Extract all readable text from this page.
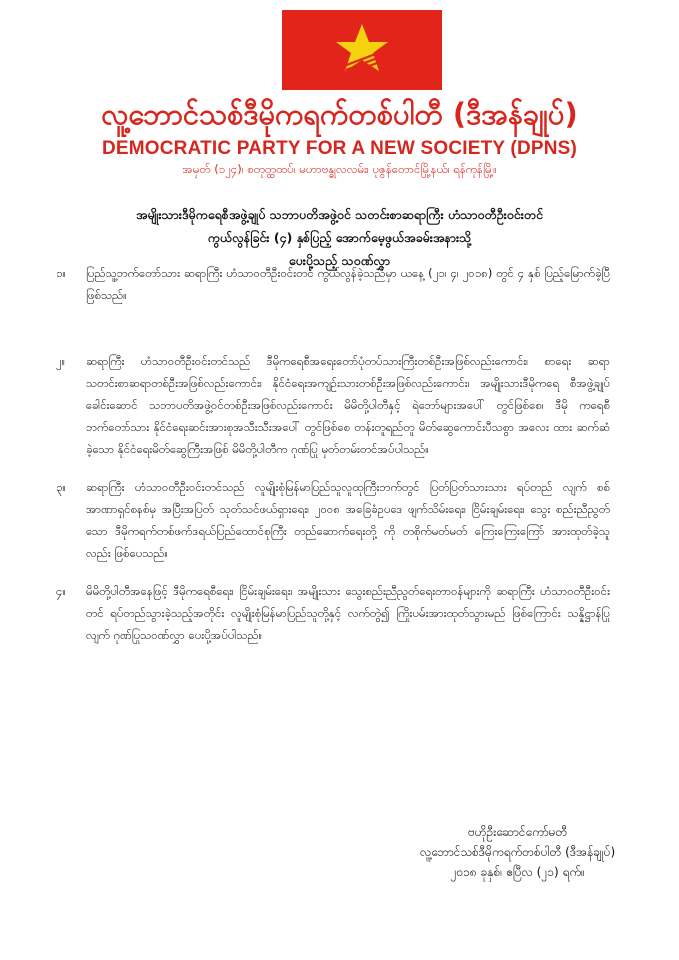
လူ့ဘောင်သစ်ဒီမိုကရက်တစ်ပါတီ (ဒီအန်ချုပ်)
DEMOCRATIC PARTY FOR A NEW SOCIETY (DPNS)
အမှတ် (၁၂၄)၊ စတုတ္ထထပ်၊ မဟာဗန္ဓုလလမ်း၊ ပုဇွန်တောင်မြို့နယ်၊ ရန်ကုန်မြို့။
အမျိုးသားဒီမိုကရေစီအဖွဲ့ချုပ် သဘာပတိအဖွဲ့ဝင် သတင်းစာဆရာကြီး ဟံသာဝတီဦးဝင်းတင်
ကွယ်လွန်ခြင်း (၄) နှစ်ပြည့် အောက်မေ့ဖွယ်အခမ်းအနားသို့
ပေးပို့သည့် သဝဏ်လွှာ
၁။ ပြည်သူ့ဘက်တော်သား ဆရာကြီး ဟံသာဝတီဦးဝင်းတင် ကွယ်လွန်ခဲ့သည်မှာ ယနေ့ (၂၁၊ ၄၊ ၂၀၁၈) တွင် ၄ နှစ် ပြည့်မြောက်ခဲ့ပြီ ဖြစ်သည်။
၂။ ဆရာကြီး ဟံသာဝတီဦးဝင်းတင်သည် ဒီမိုကရေစီအရေးတော်ပုံတပ်သားကြီးတစ်ဦးအဖြစ်လည်းကောင်း၊ စာရေး ဆရာ သတင်းစာဆရာတစ်ဦးအဖြစ်လည်းကောင်း၊ နိုင်ငံရေးအကျဉ်းသားတစ်ဦးအဖြစ်လည်းကောင်း၊ အမျိုးသားဒီမိုကရေ စီအဖွဲ့ချုပ်ခေါင်းဆောင် သဘာပတိအဖွဲ့ဝင်တစ်ဦးအဖြစ်လည်းကောင်း မိမိတို့ပါတီနှင့် ရဲဘော်များအပေါ် တွင်ဖြစ်စေ၊ ဒီမို ကရေစီဘက်တော်သား နိုင်ငံရေးဆင်းအားစုအသီးသီးအပေါ် တွင်ဖြစ်စေ တန်းတူရည်တူ မိတ်ဆွေကောင်းပီသစွာ အလေး ထား ဆက်ဆံခဲ့သော နိုင်ငံရေးမိတ်ဆွေကြီးအဖြစ် မိမိတို့ပါတီက ဂုဏ်ပြု မှတ်တမ်းတင်အပ်ပါသည်။
၃။ ဆရာကြီး ဟံသာဝတီဦးဝင်းတင်သည် လူမျိုးစုံမြန်မာပြည်သူလူထုကြီးဘက်တွင် ပြတ်ပြတ်သားသား ရပ်တည် လျက် စစ်အာဏာရှင်စနစ်မှ အပြီးအပြတ် သုတ်သင်ဖယ်ရှားရေး၊ ၂၀၀၈ အခြေခံဥပဒေ ဖျက်သိမ်းရေး၊ ငြိမ်းချမ်းရေး၊ သွေး စည်းညီညွတ်သော ဒီမိုကရက်တစ်ဖက်ဒရယ်ပြည်ထောင်စုကြီး တည်ဆောက်ရေးတို့ ကို တစိုက်မတ်မတ် ကြေးကြေးကြော် အားထုတ်ခဲ့သူလည်း ဖြစ်ပေသည်။
၄။ မိမိတို့ပါတီအနေဖြင့် ဒီမိုကရေစီရေး၊ ငြိမ်းချမ်းရေး၊ အမျိုးသား သွေးစည်းညီညွတ်ရေးတာဝန်များကို ဆရာကြီး ဟံသာဝတီဦးဝင်းတင် ရပ်တည်သွားခဲ့သည့်အတိုင်း လူမျိုးစုံမြန်မာပြည်သူတို့နှင့် လက်တွဲ၍ ကြိုးပမ်းအားထုတ်သွားမည် ဖြစ်ကြောင်း သန္နိဋ္ဌာန်ပြုလျက် ဂုဏ်ပြုသဝဏ်လွှာ ပေးပို့အပ်ပါသည်။
ဗဟိုဦးဆောင်ကော်မတီ
လူ့ဘောင်သစ်ဒီမိုကရက်တစ်ပါတီ (ဒီအန်ချုပ်)
၂၀၁၈ ခုနှစ်၊ ဧပြီလ (၂၁) ရက်။
